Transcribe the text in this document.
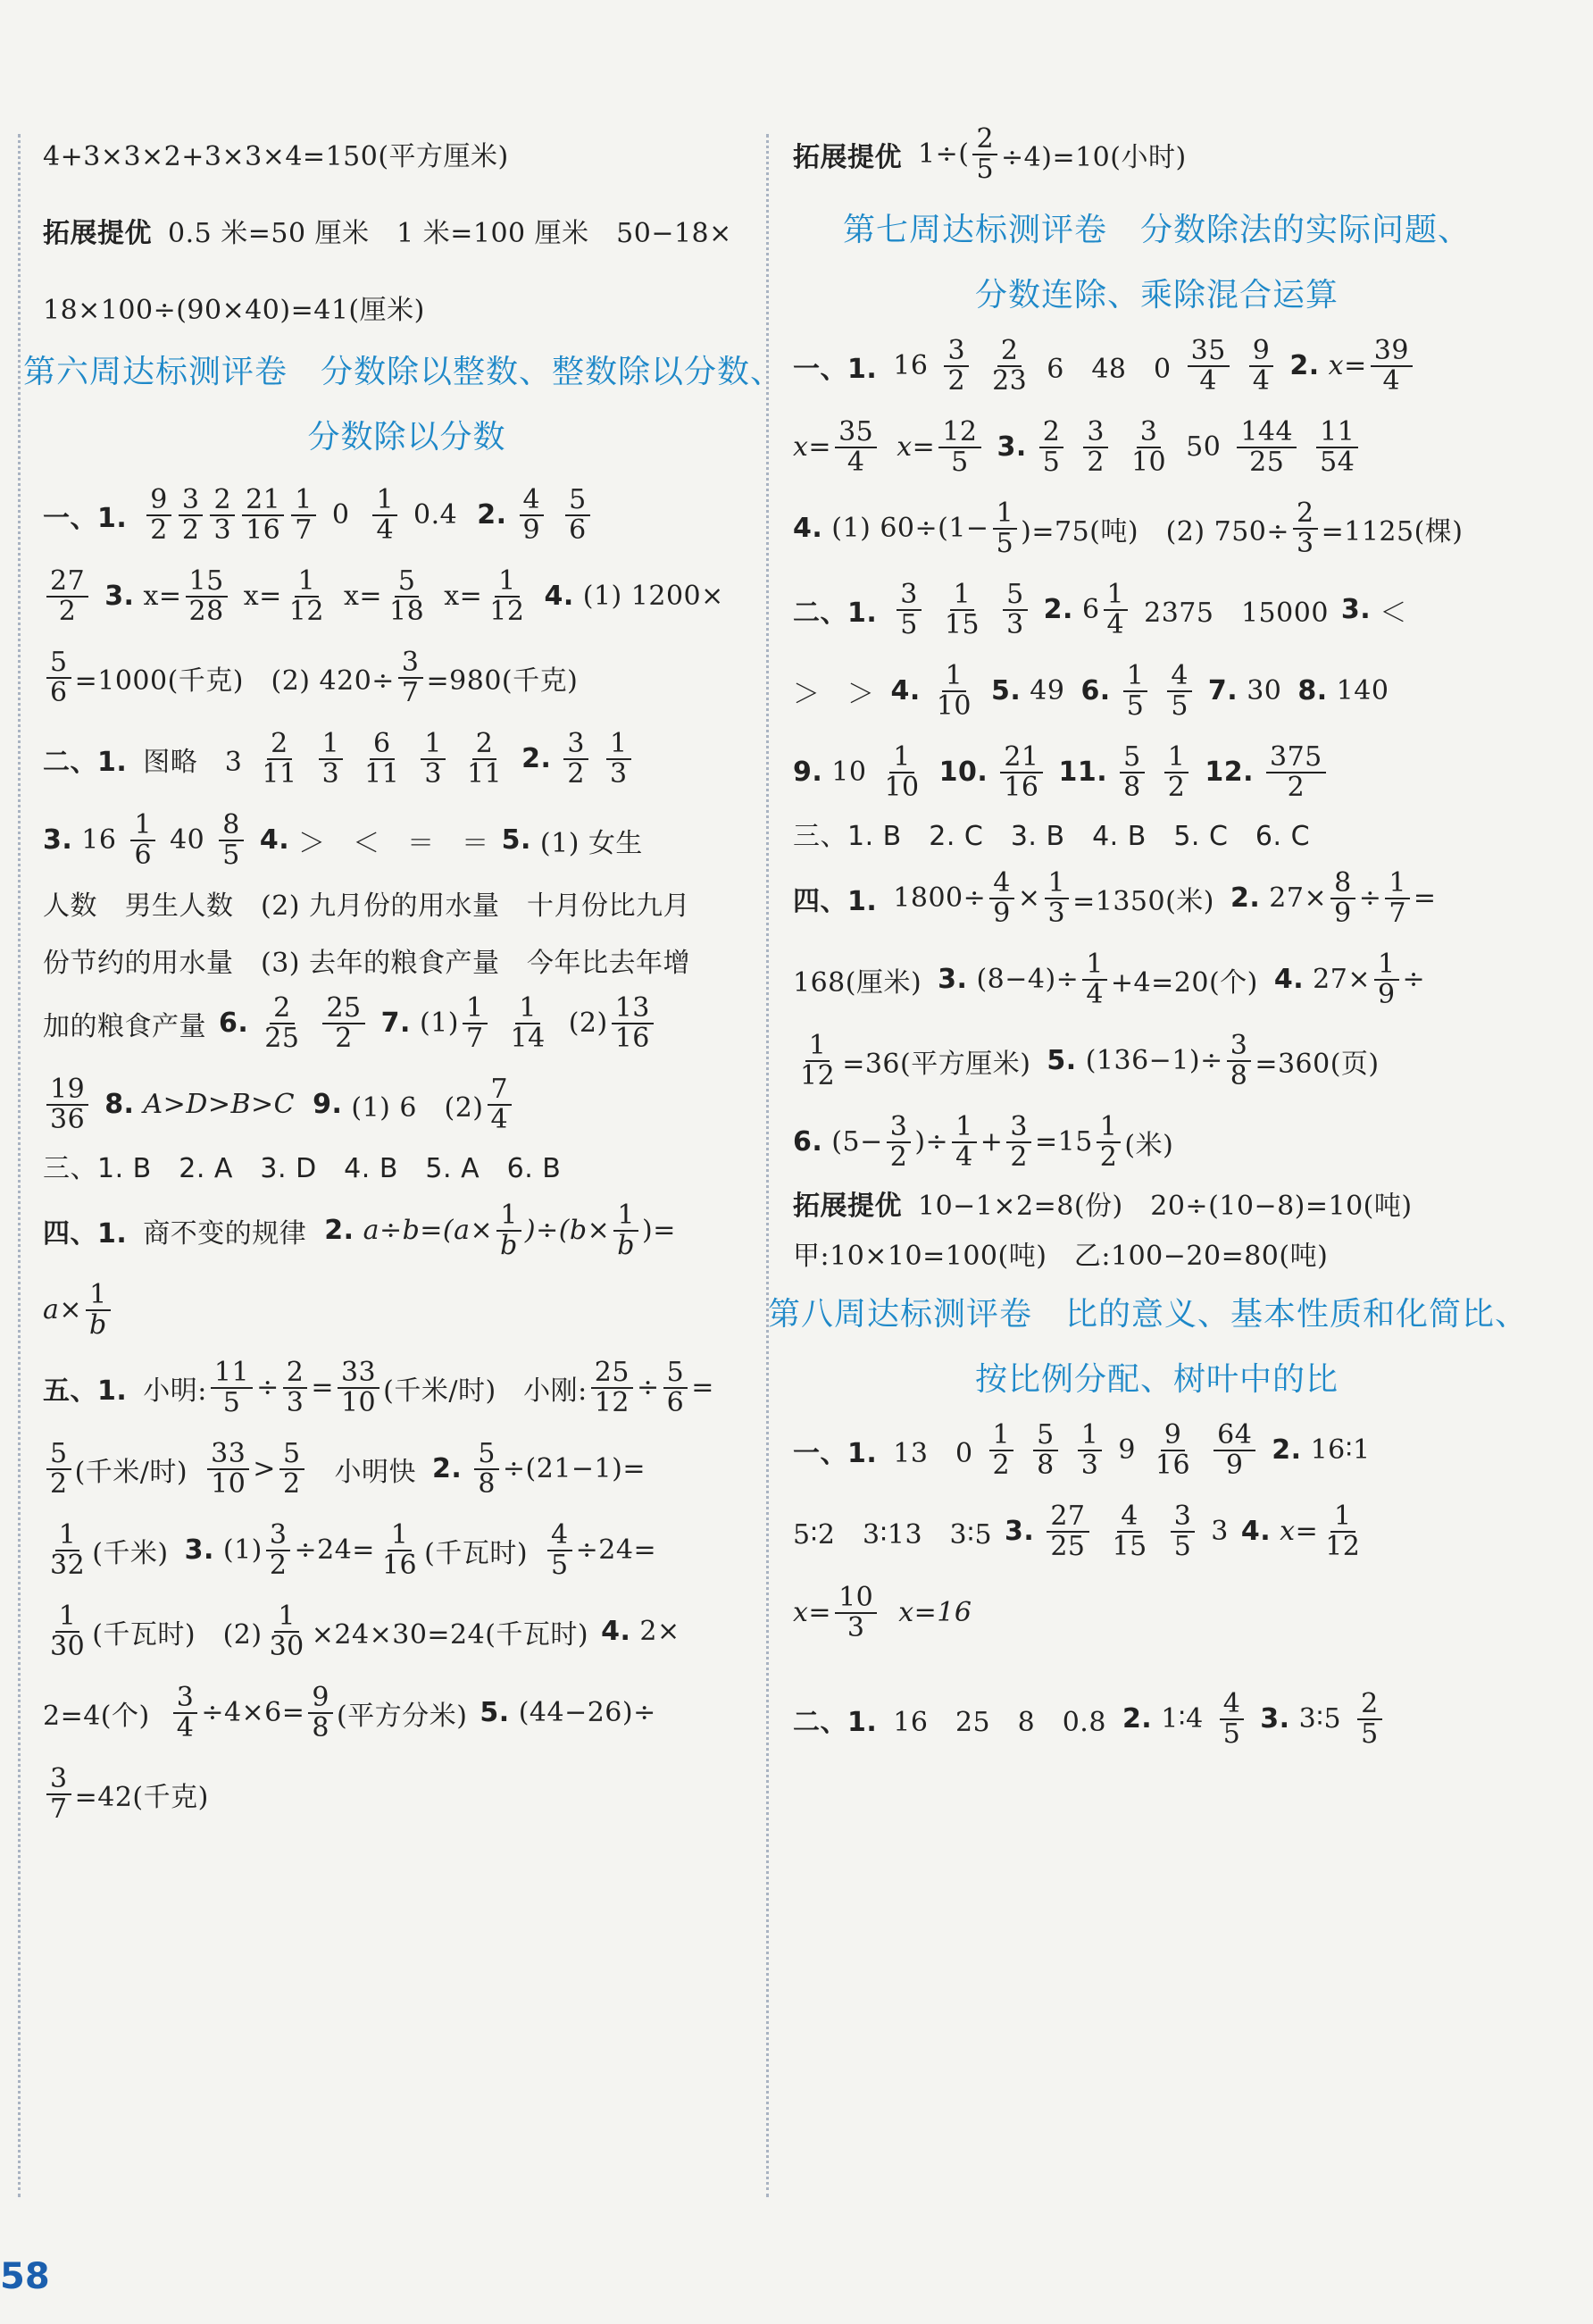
4+3×3×2+3×3×4=150(平方厘米)
拓展提优 0.5 米=50 厘米　1 米=100 厘米　50−18×
18×100÷(90×40)=41(厘米)
第六周达标测评卷　分数除以整数、整数除以分数、
分数除以分数
一、1. $\frac{9}{2} \frac{3}{2} \frac{2}{3} \frac{21}{16} \frac{1}{7} 0 \frac{1}{4} 0.4$ 2. $\frac{4}{9} \frac{5}{6}$
$\frac{27}{2} 3$. $x= \frac{15}{28} x= \frac{1}{12} x= \frac{5}{18} x= \frac{1}{12} 4$. (1) 1200×
$\frac{5}{6} =1000$(千克)　(2) $420\div \frac{3}{7} =980$(千克)
二、1. 图略　$3 \frac{2}{11} \frac{1}{3} \frac{6}{11} \frac{1}{3} \frac{2}{11} 2$. $\frac{3}{2} \frac{1}{3}$
3. $16 \frac{1}{6} 40 \frac{8}{5} 4$. ＞　＜　＝　＝ 5. (1) 女生
人数　男生人数　(2) 九月份的用水量　十月份比九月
份节约的用水量　(3) 去年的粮食产量　今年比去年增
加的粮食产量 6. $\frac{2}{25} \frac{25}{2} 7$. $(1) \frac{1}{7} \frac{1}{14} (2) \frac{13}{16}$
$\frac{19}{36} 8$. A>D>B>C 9. (1) 6　$(2) \frac{7}{4}$
三、1. B　2. A　3. D　4. B　5. A　6. B
四、1. 商不变的规律 2. $a\div b=(a\times \frac{1}{b} )\div(b\times \frac{1}{b}$ )=
$a\times \frac{1}{b}$
五、1. 小明: $\frac{11}{5} \div \frac{2}{3} = \frac{33}{10}$ (千米/时)　小刚: $\frac{25}{12} \div \frac{5}{6}$ =
$\frac{5}{2}$ (千米/时) $\frac{33}{10} > \frac{5}{2}$ 小明快 2. $\frac{5}{8} \div(21-1)=$
$\frac{1}{32}$ (千米) 3. $(1) \frac{3}{2} \div 24= \frac{1}{16}$ (千瓦时) $\frac{4}{5} \div 24=$
$\frac{1}{30}$ (千瓦时)　$(2) \frac{1}{30} \times 24\times 30=24$(千瓦时) 4. 2×
2=4(个) $\frac{3}{4} \div 4\times 6= \frac{9}{8}$ (平方分米) 5. (44−26)÷
$\frac{3}{7} =42$(千克)
拓展提优 $1\div( \frac{2}{5} \div 4)=10$(小时)
第七周达标测评卷　分数除法的实际问题、
分数连除、乘除混合运算
一、1. $16 \frac{3}{2} \frac{2}{23} 6$　48　$0 \frac{35}{4} \frac{9}{4} 2$. $x= \frac{39}{4}$
$x= \frac{35}{4} x= \frac{12}{5} 3$. $\frac{2}{5} \frac{3}{2} \frac{3}{10} 50 \frac{144}{25} \frac{11}{54}$
4. (1) $60\div(1- \frac{1}{5} )=75$(吨)　(2) $750\div \frac{2}{3} =1125$(棵)
二、1. $\frac{3}{5} \frac{1}{15} \frac{5}{3} 2$. $6 \frac{1}{4} 2375$　15000 3. ＜
＞　＞ 4. $\frac{1}{10} 5$. 49 6. $\frac{1}{5} \frac{4}{5} 7$. 30 8. 140
9. $10 \frac{1}{10} 10$. $\frac{21}{16} 11$. $\frac{5}{8} \frac{1}{2} 12$. $\frac{375}{2}$
三、1. B　2. C　3. B　4. B　5. C　6. C
四、1. $1800\div \frac{4}{9} \times \frac{1}{3} =1350$(米) 2. $27\times \frac{8}{9} \div \frac{1}{7}$ =
168(厘米) 3. $(8-4)\div \frac{1}{4} +4=20$(个) 4. $27\times \frac{1}{9}$ ÷
$\frac{1}{12} =36$(平方厘米) 5. $(136-1)\div \frac{3}{8} =360$(页)
6. ($5- \frac{3}{2}$ )÷ $\frac{1}{4} + \frac{3}{2} =15 \frac{1}{2}$ (米)
拓展提优 10−1×2=8(份)　20÷(10−8)=10(吨)
甲:10×10=100(吨)　乙:100−20=80(吨)
第八周达标测评卷　比的意义、基本性质和化简比、
按比例分配、树叶中的比
一、1. 13　$0 \frac{1}{2} \frac{5}{8} \frac{1}{3} 9 \frac{9}{16} \frac{64}{9} 2$. 16∶1
5∶2　3∶13　3∶5 3. $\frac{27}{25} \frac{4}{15} \frac{3}{5} 3$ 4. $x= \frac{1}{12}$
$x= \frac{10}{3} x=16$
二、1. 16　25　8　0.8 2. 1∶4 $\frac{4}{5} 3$. 3∶5 $\frac{2}{5}$
58
